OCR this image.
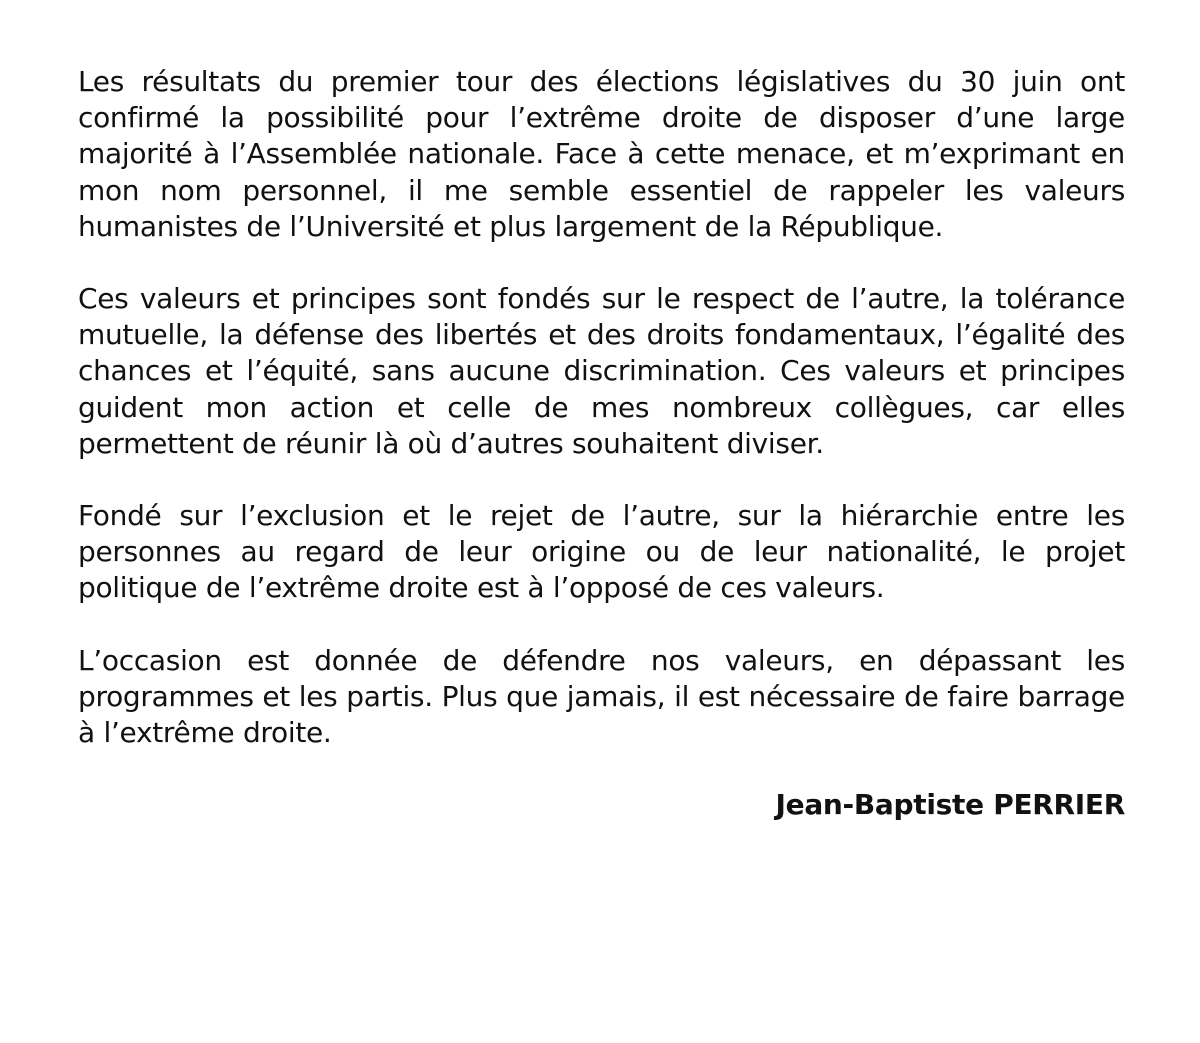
Les résultats du premier tour des élections législatives du 30 juin ont confirmé la possibilité pour l’extrême droite de disposer d’une large majorité à l’Assemblée nationale. Face à cette menace, et m’exprimant en mon nom personnel, il me semble essentiel de rappeler les valeurs humanistes de l’Université et plus largement de la République.

Ces valeurs et principes sont fondés sur le respect de l’autre, la tolérance mutuelle, la défense des libertés et des droits fondamentaux, l’égalité des chances et l’équité, sans aucune discrimination. Ces valeurs et principes guident mon action et celle de mes nombreux collègues, car elles permettent de réunir là où d’autres souhaitent diviser.

Fondé sur l’exclusion et le rejet de l’autre, sur la hiérarchie entre les personnes au regard de leur origine ou de leur nationalité, le projet politique de l’extrême droite est à l’opposé de ces valeurs.

L’occasion est donnée de défendre nos valeurs, en dépassant les programmes et les partis. Plus que jamais, il est nécessaire de faire barrage à l’extrême droite.

Jean-Baptiste PERRIER
